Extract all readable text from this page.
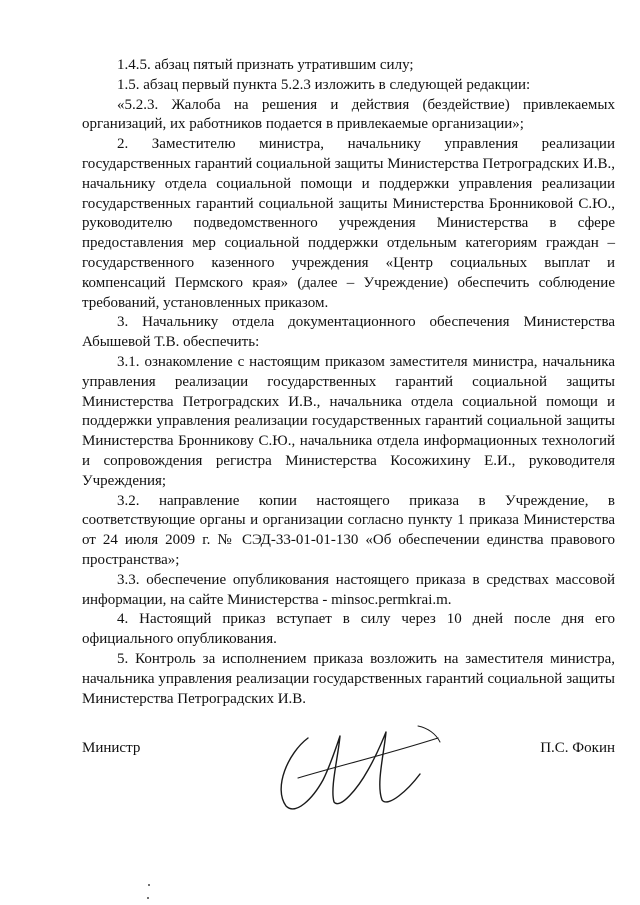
1.4.5. абзац пятый признать утратившим силу;

1.5. абзац первый пункта 5.2.3 изложить в следующей редакции:

«5.2.3. Жалоба на решения и действия (бездействие) привлекаемых организаций, их работников подается в привлекаемые организации»;

2. Заместителю министра, начальнику управления реализации государственных гарантий социальной защиты Министерства Петроградских И.В., начальнику отдела социальной помощи и поддержки управления реализации государственных гарантий социальной защиты Министерства Бронниковой С.Ю., руководителю подведомственного учреждения Министерства в сфере предоставления мер социальной поддержки отдельным категориям граждан – государственного казенного учреждения «Центр социальных выплат и компенсаций Пермского края» (далее – Учреждение) обеспечить соблюдение требований, установленных приказом.

3. Начальнику отдела документационного обеспечения Министерства Абышевой Т.В. обеспечить:

3.1. ознакомление с настоящим приказом заместителя министра, начальника управления реализации государственных гарантий социальной защиты Министерства Петроградских И.В., начальника отдела социальной помощи и поддержки управления реализации государственных гарантий социальной защиты Министерства Бронникову С.Ю., начальника отдела информационных технологий и сопровождения регистра Министерства Косожихину Е.И., руководителя Учреждения;

3.2. направление копии настоящего приказа в Учреждение, в соответствующие органы и организации согласно пункту 1 приказа Министерства от 24 июля 2009 г. № СЭД-33-01-01-130 «Об обеспечении единства правового пространства»;

3.3. обеспечение опубликования настоящего приказа в средствах массовой информации, на сайте Министерства - minsoc.permkrai.m.

4. Настоящий приказ вступает в силу через 10 дней после дня его официального опубликования.

5. Контроль за исполнением приказа возложить на заместителя министра, начальника управления реализации государственных гарантий социальной защиты Министерства Петроградских И.В.

Министр	П.С. Фокин
